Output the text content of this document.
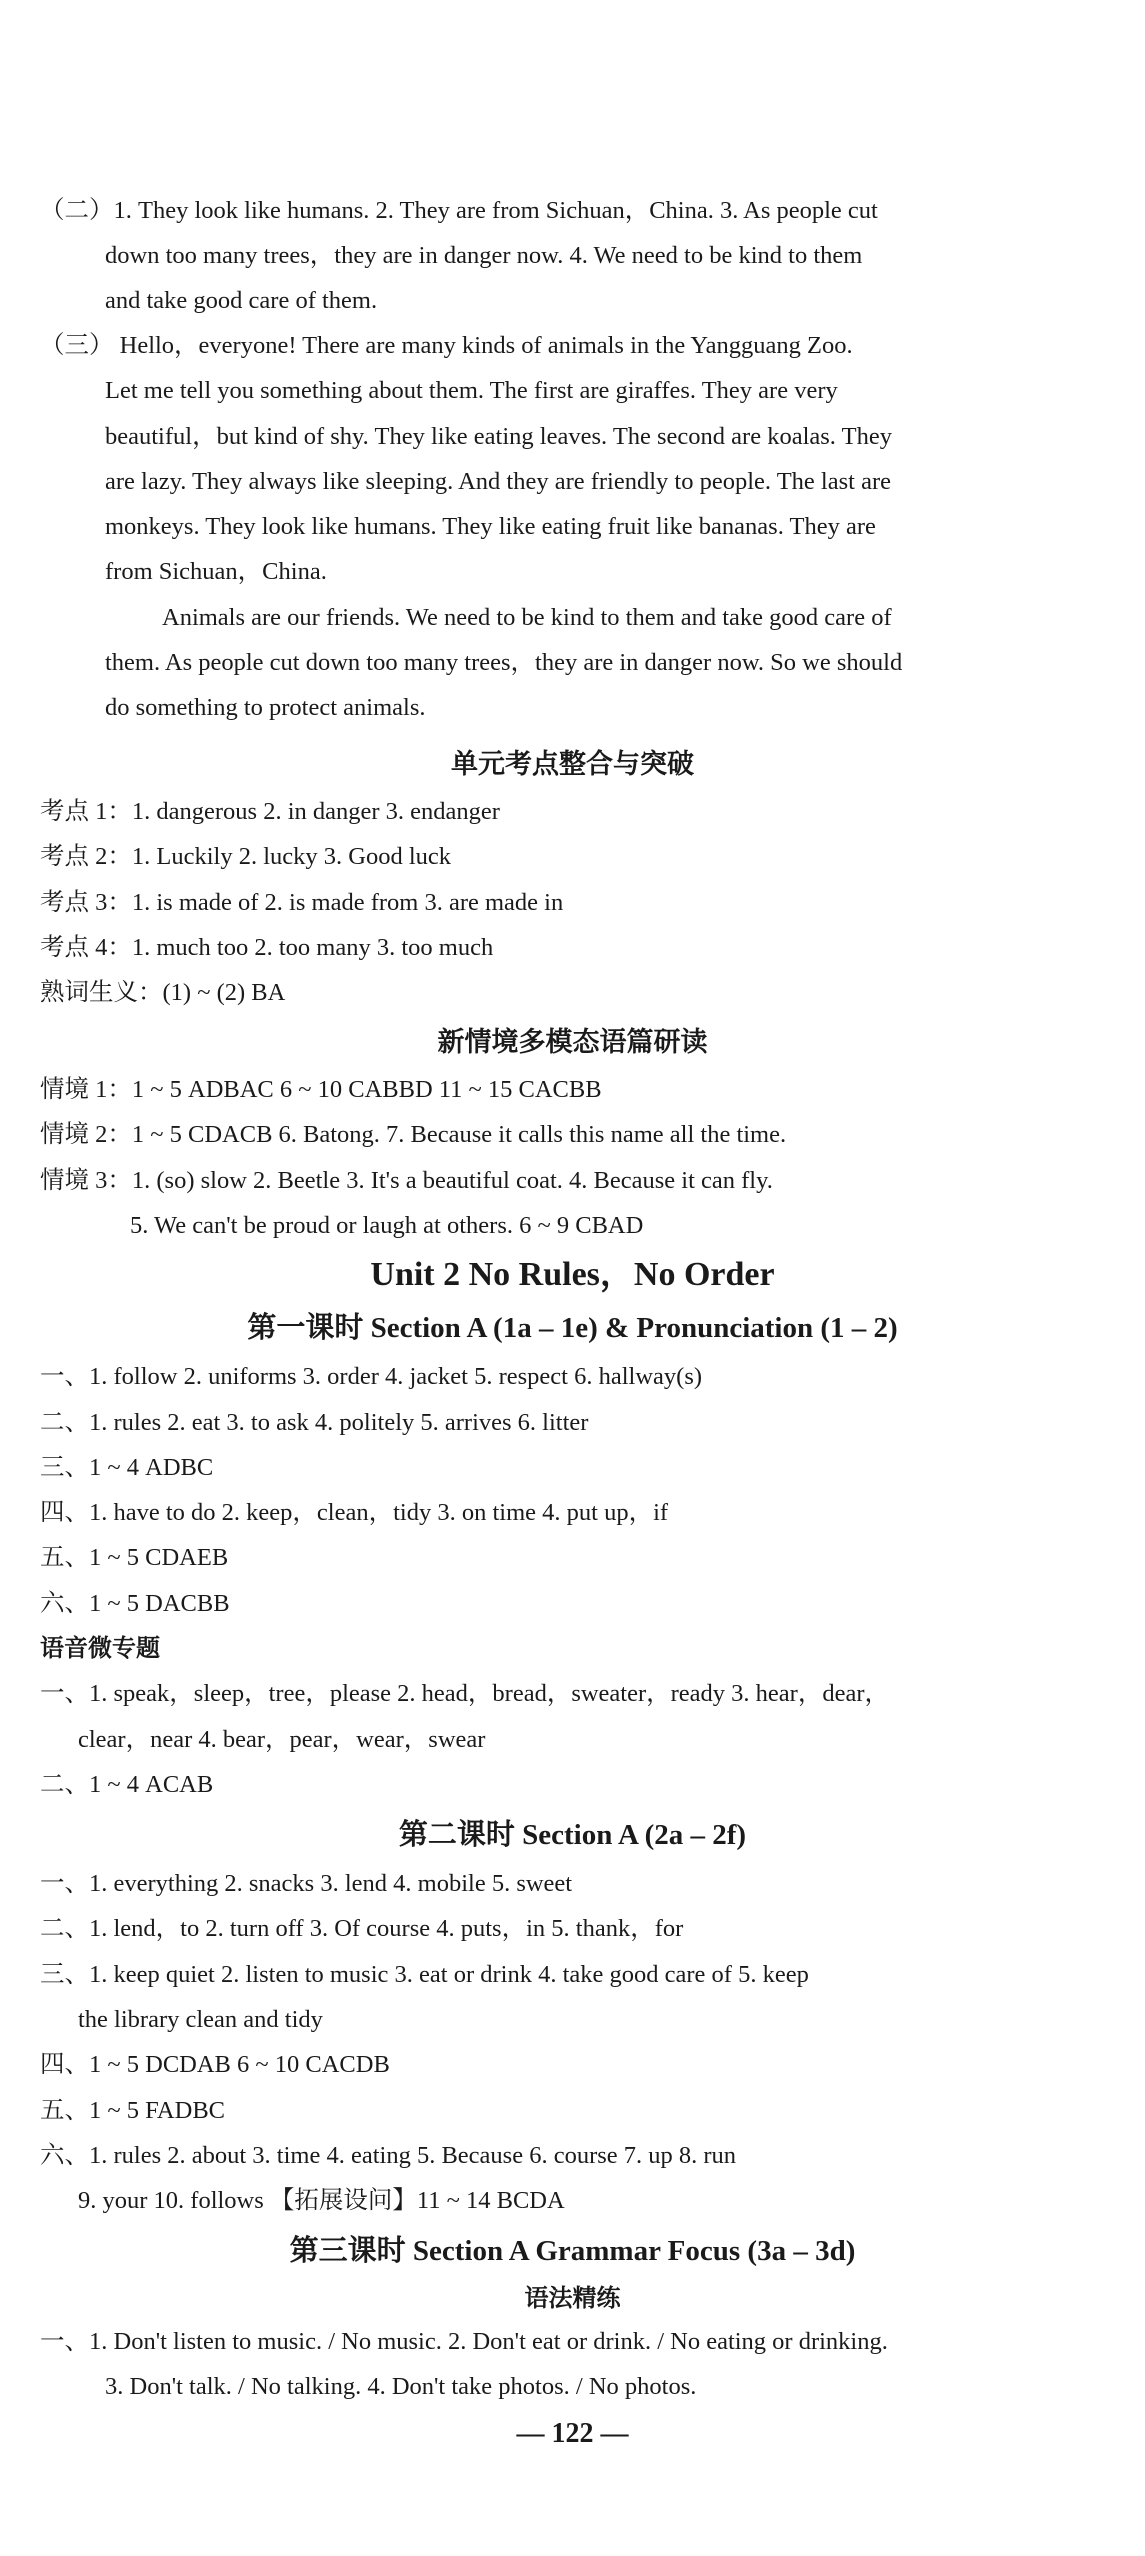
（二）1. They look like humans. 2. They are from Sichuan，China. 3. As people cut
down too many trees，they are in danger now. 4. We need to be kind to them
and take good care of them.
（三） Hello，everyone! There are many kinds of animals in the Yangguang Zoo.
Let me tell you something about them. The first are giraffes. They are very
beautiful，but kind of shy. They like eating leaves. The second are koalas. They
are lazy. They always like sleeping. And they are friendly to people. The last are
monkeys. They look like humans. They like eating fruit like bananas. They are
from Sichuan，China.
Animals are our friends. We need to be kind to them and take good care of
them. As people cut down too many trees，they are in danger now. So we should
do something to protect animals.
单元考点整合与突破
考点 1：1. dangerous 2. in danger 3. endanger
考点 2：1. Luckily 2. lucky 3. Good luck
考点 3：1. is made of 2. is made from 3. are made in
考点 4：1. much too 2. too many 3. too much
熟词生义：(1) ~ (2) BA
新情境多模态语篇研读
情境 1：1 ~ 5 ADBAC 6 ~ 10 CABBD 11 ~ 15 CACBB
情境 2：1 ~ 5 CDACB 6. Batong. 7. Because it calls this name all the time.
情境 3：1. (so) slow 2. Beetle 3. It's a beautiful coat. 4. Because it can fly.
5. We can't be proud or laugh at others. 6 ~ 9 CBAD
Unit 2 No Rules，No Order
第一课时 Section A (1a – 1e) & Pronunciation (1 – 2)
一、1. follow 2. uniforms 3. order 4. jacket 5. respect 6. hallway(s)
二、1. rules 2. eat 3. to ask 4. politely 5. arrives 6. litter
三、1 ~ 4 ADBC
四、1. have to do 2. keep，clean，tidy 3. on time 4. put up，if
五、1 ~ 5 CDAEB
六、1 ~ 5 DACBB
语音微专题
一、1. speak，sleep，tree，please 2. head，bread，sweater，ready 3. hear，dear，
clear，near 4. bear，pear，wear，swear
二、1 ~ 4 ACAB
第二课时 Section A (2a – 2f)
一、1. everything 2. snacks 3. lend 4. mobile 5. sweet
二、1. lend，to 2. turn off 3. Of course 4. puts，in 5. thank，for
三、1. keep quiet 2. listen to music 3. eat or drink 4. take good care of 5. keep
the library clean and tidy
四、1 ~ 5 DCDAB 6 ~ 10 CACDB
五、1 ~ 5 FADBC
六、1. rules 2. about 3. time 4. eating 5. Because 6. course 7. up 8. run
9. your 10. follows 【拓展设问】11 ~ 14 BCDA
第三课时 Section A Grammar Focus (3a – 3d)
语法精练
一、1. Don't listen to music. / No music. 2. Don't eat or drink. / No eating or drinking.
3. Don't talk. / No talking. 4. Don't take photos. / No photos.
— 122 —
